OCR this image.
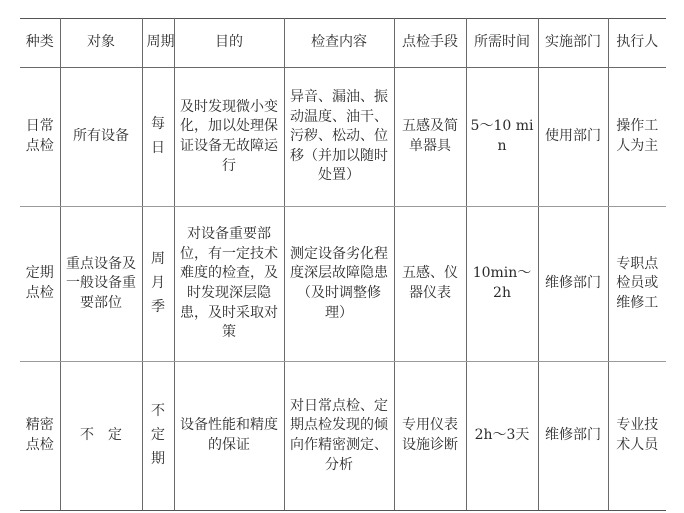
种类	对象	周期	目的	检查内容	点检手段	所需时间	实施部门	执行人
日常点检	所有设备	每日	及时发现微小变化，加以处理保证设备无故障运行	异音、漏油、振动温度、油干、污秽、松动、位移（并加以随时处置）	五感及简单器具	5～10 min	使用部门	操作工人为主
定期点检	重点设备及一般设备重要部位	周月季	对设备重要部位，有一定技术难度的检查，及时发现深层隐患，及时采取对策	测定设备劣化程度深层故障隐患（及时调整修理）	五感、仪器仪表	10min～2h	维修部门	专职点检员或维修工
精密点检	不　定	不定期	设备性能和精度的保证	对日常点检、定期点检发现的倾向作精密测定、分析	专用仪表设施诊断	2h～3天	维修部门	专业技术人员
